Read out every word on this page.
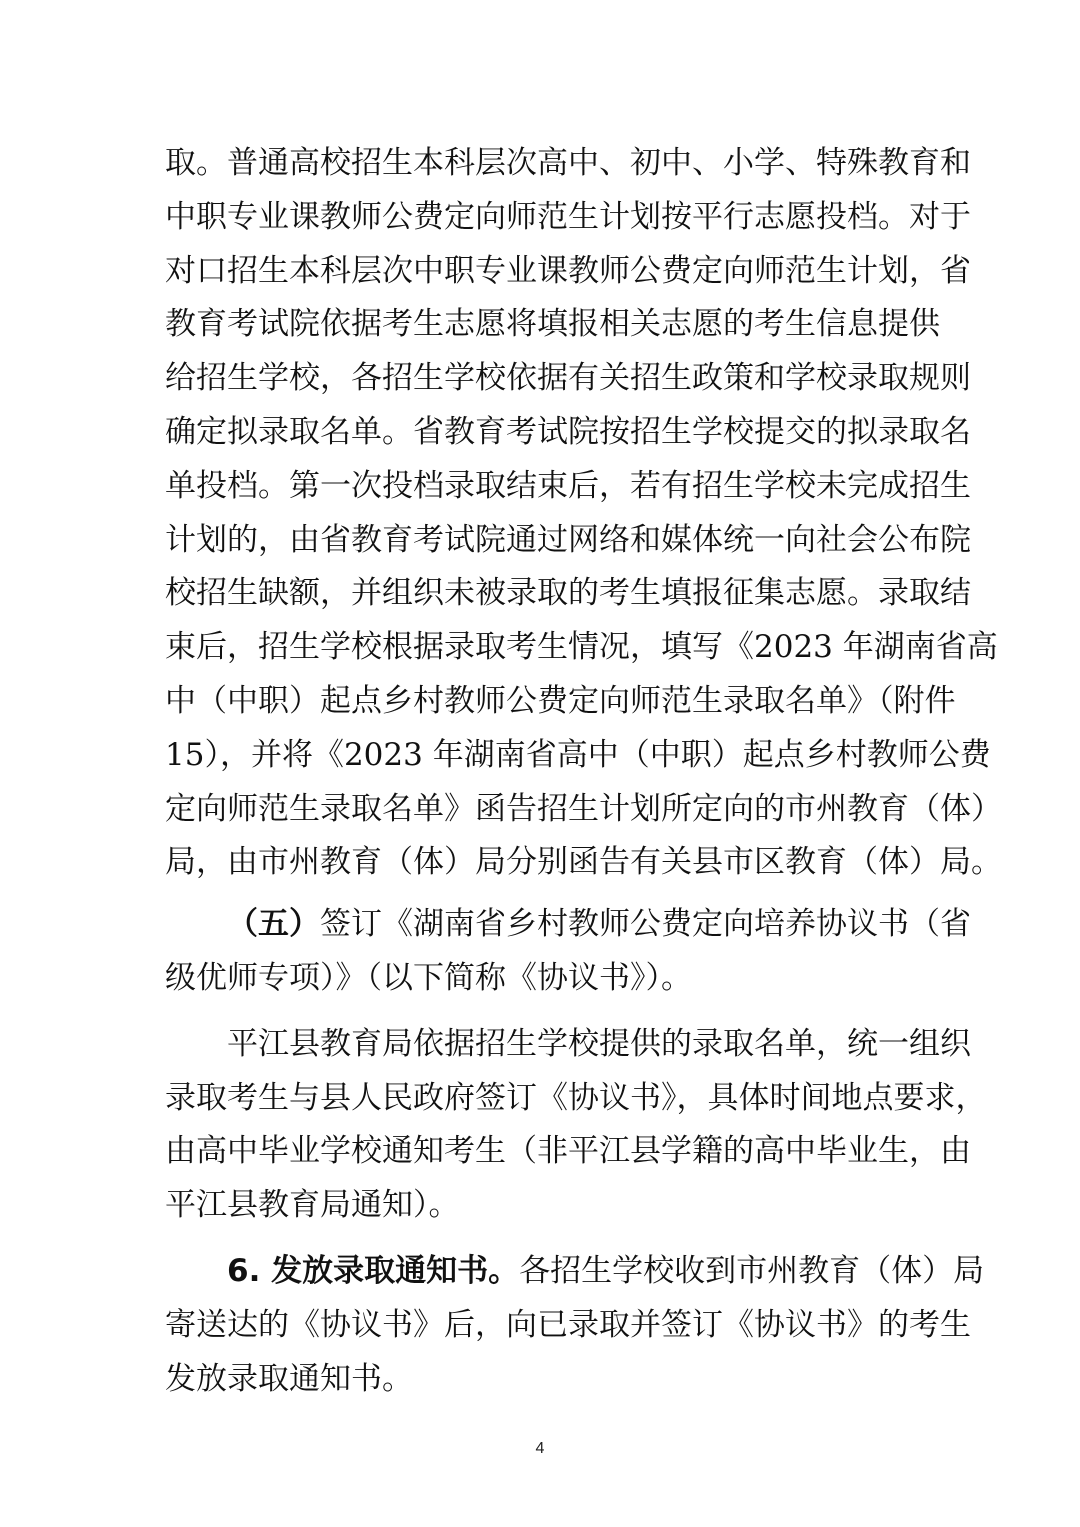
取。普通高校招生本科层次高中、初中、小学、特殊教育和
中职专业课教师公费定向师范生计划按平行志愿投档。对于
对口招生本科层次中职专业课教师公费定向师范生计划，省
教育考试院依据考生志愿将填报相关志愿的考生信息提供
给招生学校，各招生学校依据有关招生政策和学校录取规则
确定拟录取名单。省教育考试院按招生学校提交的拟录取名
单投档。第一次投档录取结束后，若有招生学校未完成招生
计划的，由省教育考试院通过网络和媒体统一向社会公布院
校招生缺额，并组织未被录取的考生填报征集志愿。录取结
束后，招生学校根据录取考生情况，填写《2023 年湖南省高
中（中职）起点乡村教师公费定向师范生录取名单》（附件
15），并将《2023 年湖南省高中（中职）起点乡村教师公费
定向师范生录取名单》函告招生计划所定向的市州教育（体）
局，由市州教育（体）局分别函告有关县市区教育（体）局。
（五）签订《湖南省乡村教师公费定向培养协议书（省
级优师专项）》（以下简称《协议书》）。
平江县教育局依据招生学校提供的录取名单，统一组织
录取考生与县人民政府签订《协议书》，具体时间地点要求，
由高中毕业学校通知考生（非平江县学籍的高中毕业生，由
平江县教育局通知）。
6. 发放录取通知书。各招生学校收到市州教育（体）局
寄送达的《协议书》后，向已录取并签订《协议书》的考生
发放录取通知书。
4
